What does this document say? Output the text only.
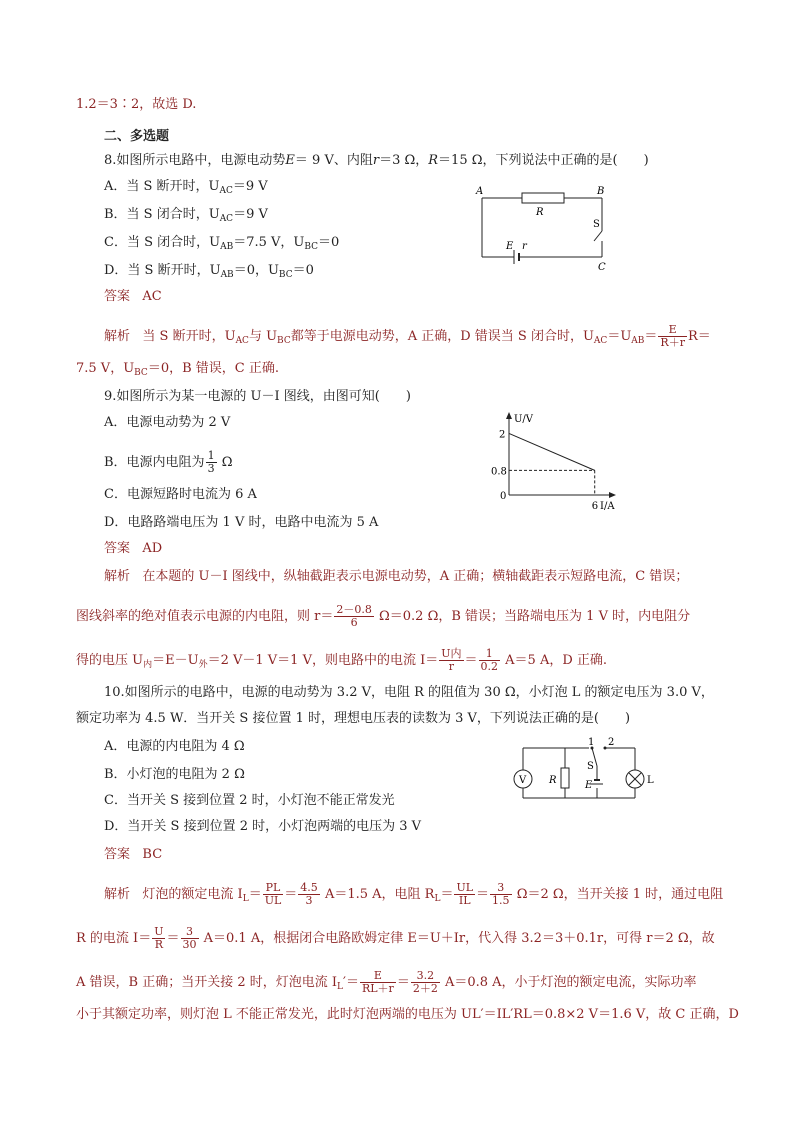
1.2＝3∶2，故选 D.
二、多选题
8.如图所示电路中，电源电动势E＝ 9 V、内阻r＝3 Ω，R＝15 Ω，下列说法中正确的是(　　)
A．当 S 断开时，$U_{AC}=9$ V
B．当 S 闭合时，$U_{AC}=9$ V
C．当 S 闭合时，$U_{AB}=7.5$ V，$U_{BC}=0$
D．当 S 断开时，$U_{AB}=0$，$U_{BC}=0$
答案 AC
解析 当 S 断开时，$U_{AC}$与 $U_{BC}$都等于电源电动势，A 正确，D 错误当 S 闭合时，$U_{AC}=U_{AB}= \frac{E}{R+r} R=$
7.5 V，$U_{BC}=0$，B 错误，C 正确.
A	B
C
R
S
E r
9.如图所示为某一电源的 U－I 图线，由图可知(　　)
A．电源电动势为 2 V
B．电源内电阻为 $\frac{1}{3}$ Ω
C．电源短路时电流为 6 A
D．电路路端电压为 1 V 时，电路中电流为 5 A
答案 AD
解析 在本题的 U－I 图线中，纵轴截距表示电源电动势，A 正确；横轴截距表示短路电流，C 错误；
图线斜率的绝对值表示电源的内电阻，则 $r= \frac{2-0.8}{6} \Omega=0.2$ Ω，B 错误；当路端电压为 1 V 时，内电阻分
得的电压 $U_内=E-U_外=2$ V－1 V＝1 V，则电路中的电流 $I= \frac{\text{U内}}{r} = \frac{1}{0.2} A=5$ A，D 正确.
U/V
I/A
2
0.8
0
6
10.如图所示的电路中，电源的电动势为 3.2 V，电阻 R 的阻值为 30 Ω，小灯泡 L 的额定电压为 3.0 V，
额定功率为 4.5 W．当开关 S 接位置 1 时，理想电压表的读数为 3 V，下列说法正确的是(　　)
A．电源的内电阻为 4 Ω
B．小灯泡的电阻为 2 Ω
C．当开关 S 接到位置 2 时，小灯泡不能正常发光
D．当开关 S 接到位置 2 时，小灯泡两端的电压为 3 V
答案 BC
解析 灯泡的额定电流 $I_L= \frac{PL}{UL} = \frac{4.5}{3} A=1.5$ A，电阻 $R_L= \frac{UL}{IL} = \frac{3}{1.5} \Omega=2$ Ω，当开关接 1 时，通过电阻
R 的电流 $I= \frac{U}{R} = \frac{3}{30} A=0.1$ A，根据闭合电路欧姆定律 E＝U＋Ir，代入得 3.2＝3＋0.1r，可得 r＝2 Ω，故
A 错误，B 正确；当开关接 2 时，灯泡电流 $I_L'= \frac{E}{RL+r} = \frac{3.2}{2+2} A=0.8$ A，小于灯泡的额定电流，实际功率
小于其额定功率，则灯泡 L 不能正常发光，此时灯泡两端的电压为 UL′＝IL′RL＝0.8×2 V＝1.6 V，故 C 正确，D
V R
S
E	L
1 2
